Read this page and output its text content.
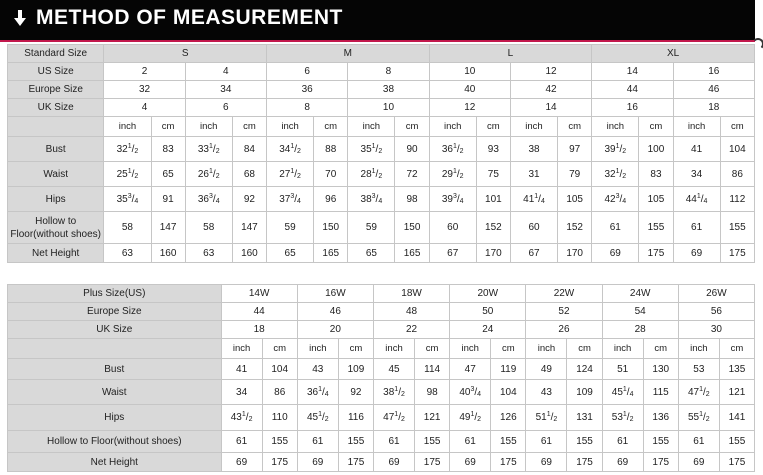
METHOD OF MEASUREMENT
Standard Size	S				M				L				XL			
US Size	2		4		6		8		10		12		14		16	
Europe Size	32		34		36		38		40		42		44		46	
UK Size	4		6		8		10		12		14		16		18	
	inch	cm	inch	cm	inch	cm	inch	cm	inch	cm	inch	cm	inch	cm	inch	cm
Bust	$32^1/_2$	83	$33^1/_2$	84	$34^1/_2$	88	$35^1/_2$	90	$36^1/_2$	93	38	97	$39^1/_2$	100	41	104
Waist	$25^1/_2$	65	$26^1/_2$	68	$27^1/_2$	70	$28^1/_2$	72	$29^1/_2$	75	31	79	$32^1/_2$	83	34	86
Hips	$35^3/_4$	91	$36^3/_4$	92	$37^3/_4$	96	$38^3/_4$	98	$39^3/_4$	101	$41^1/_4$	105	$42^3/_4$	105	$44^1/_4$	112
Hollow to Floor(without shoes)	58	147	58	147	59	150	59	150	60	152	60	152	61	155	61	155
Net Height	63	160	63	160	65	165	65	165	67	170	67	170	69	175	69	175
Plus Size(US)	14W		16W		18W		20W		22W		24W		26W	
Europe Size	44		46		48		50		52		54		56	
UK Size	18		20		22		24		26		28		30	
	inch	cm	inch	cm	inch	cm	inch	cm	inch	cm	inch	cm	inch	cm
Bust	41	104	43	109	45	114	47	119	49	124	51	130	53	135
Waist	34	86	$36^1/_4$	92	$38^1/_2$	98	$40^3/_4$	104	43	109	$45^1/_4$	115	$47^1/_2$	121
Hips	$43^1/_2$	110	$45^1/_2$	116	$47^1/_2$	121	$49^1/_2$	126	$51^1/_2$	131	$53^1/_2$	136	$55^1/_2$	141
Hollow to Floor(without shoes)	61	155	61	155	61	155	61	155	61	155	61	155	61	155
Net Height	69	175	69	175	69	175	69	175	69	175	69	175	69	175
